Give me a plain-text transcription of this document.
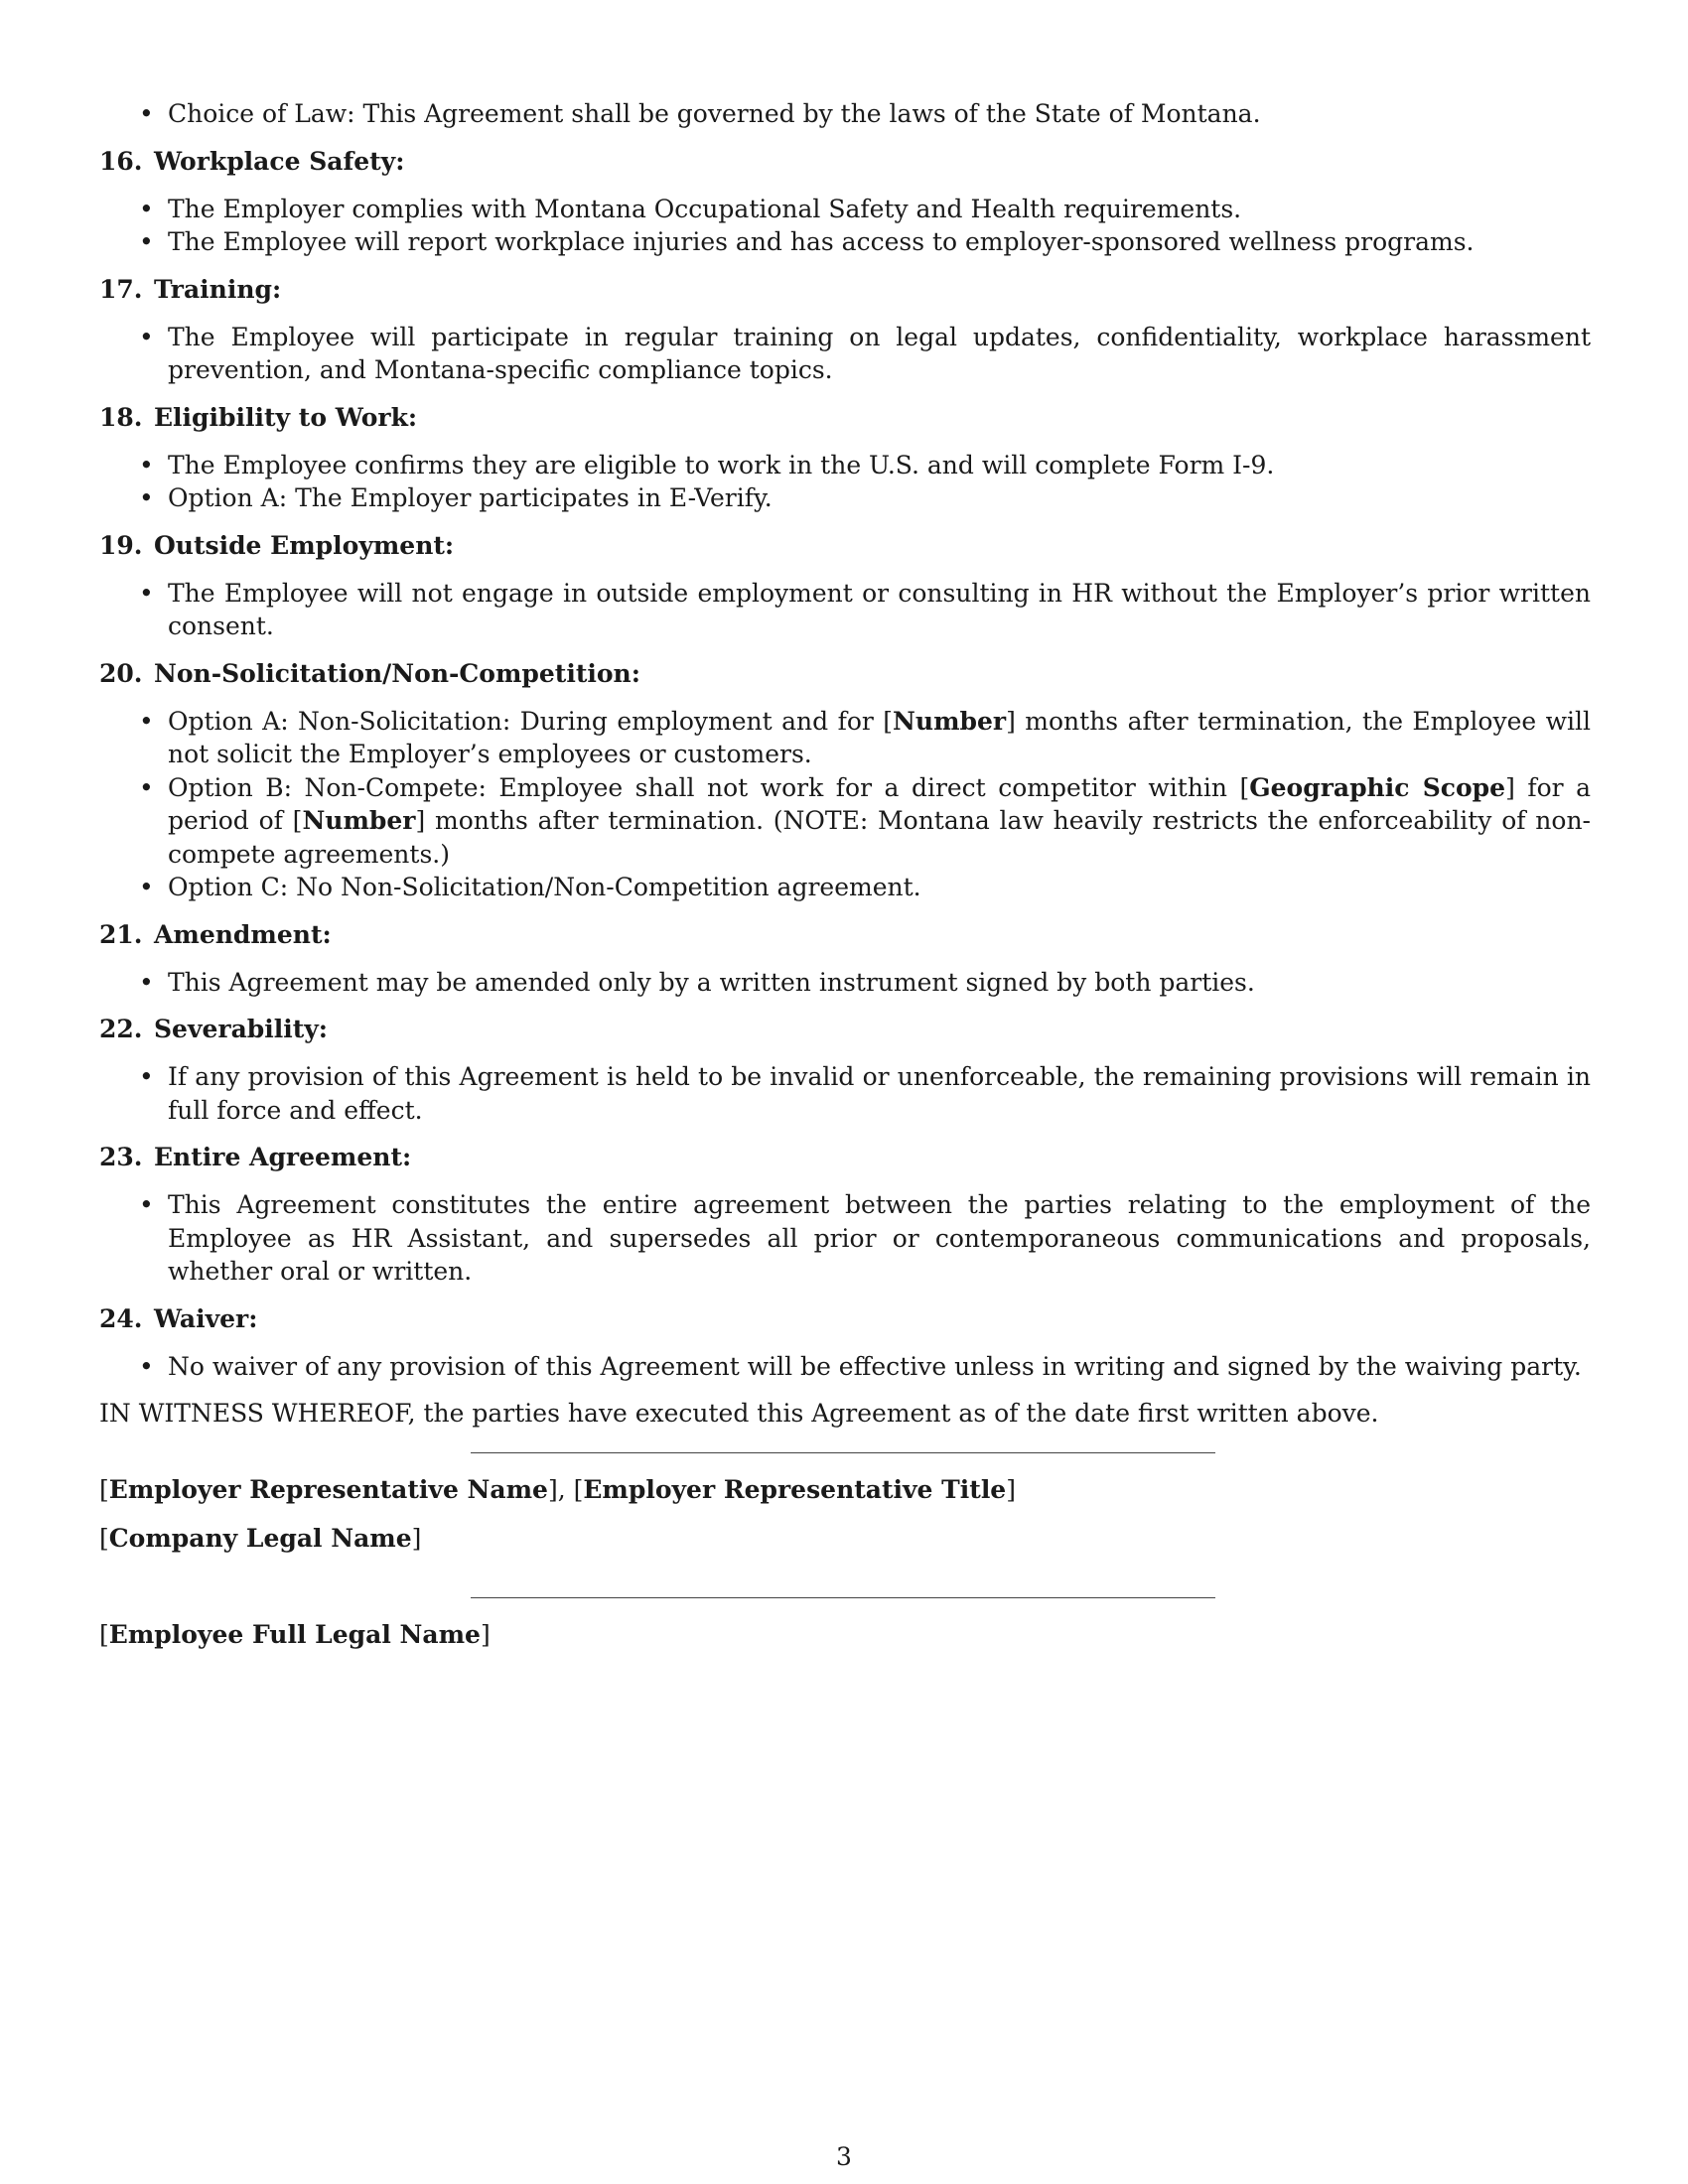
• Choice of Law: This Agreement shall be governed by the laws of the State of Montana.
16. Workplace Safety:
• The Employer complies with Montana Occupational Safety and Health requirements.
• The Employee will report workplace injuries and has access to employer-sponsored wellness programs.
17. Training:
• The Employee will participate in regular training on legal updates, confidentiality, workplace harassment prevention, and Montana-specific compliance topics.
18. Eligibility to Work:
• The Employee confirms they are eligible to work in the U.S. and will complete Form I-9.
• Option A: The Employer participates in E-Verify.
19. Outside Employment:
• The Employee will not engage in outside employment or consulting in HR without the Employer’s prior written consent.
20. Non-Solicitation/Non-Competition:
• Option A: Non-Solicitation: During employment and for [Number] months after termination, the Employee will not solicit the Employer’s employees or customers.
• Option B: Non-Compete: Employee shall not work for a direct competitor within [Geographic Scope] for a period of [Number] months after termination. (NOTE: Montana law heavily restricts the enforceability of non-compete agreements.)
• Option C: No Non-Solicitation/Non-Competition agreement.
21. Amendment:
• This Agreement may be amended only by a written instrument signed by both parties.
22. Severability:
• If any provision of this Agreement is held to be invalid or unenforceable, the remaining provisions will remain in full force and effect.
23. Entire Agreement:
• This Agreement constitutes the entire agreement between the parties relating to the employment of the Employee as HR Assistant, and supersedes all prior or contemporaneous communications and proposals, whether oral or written.
24. Waiver:
• No waiver of any provision of this Agreement will be effective unless in writing and signed by the waiving party.
IN WITNESS WHEREOF, the parties have executed this Agreement as of the date first written above.
[Employer Representative Name], [Employer Representative Title]
[Company Legal Name]
[Employee Full Legal Name]
3
